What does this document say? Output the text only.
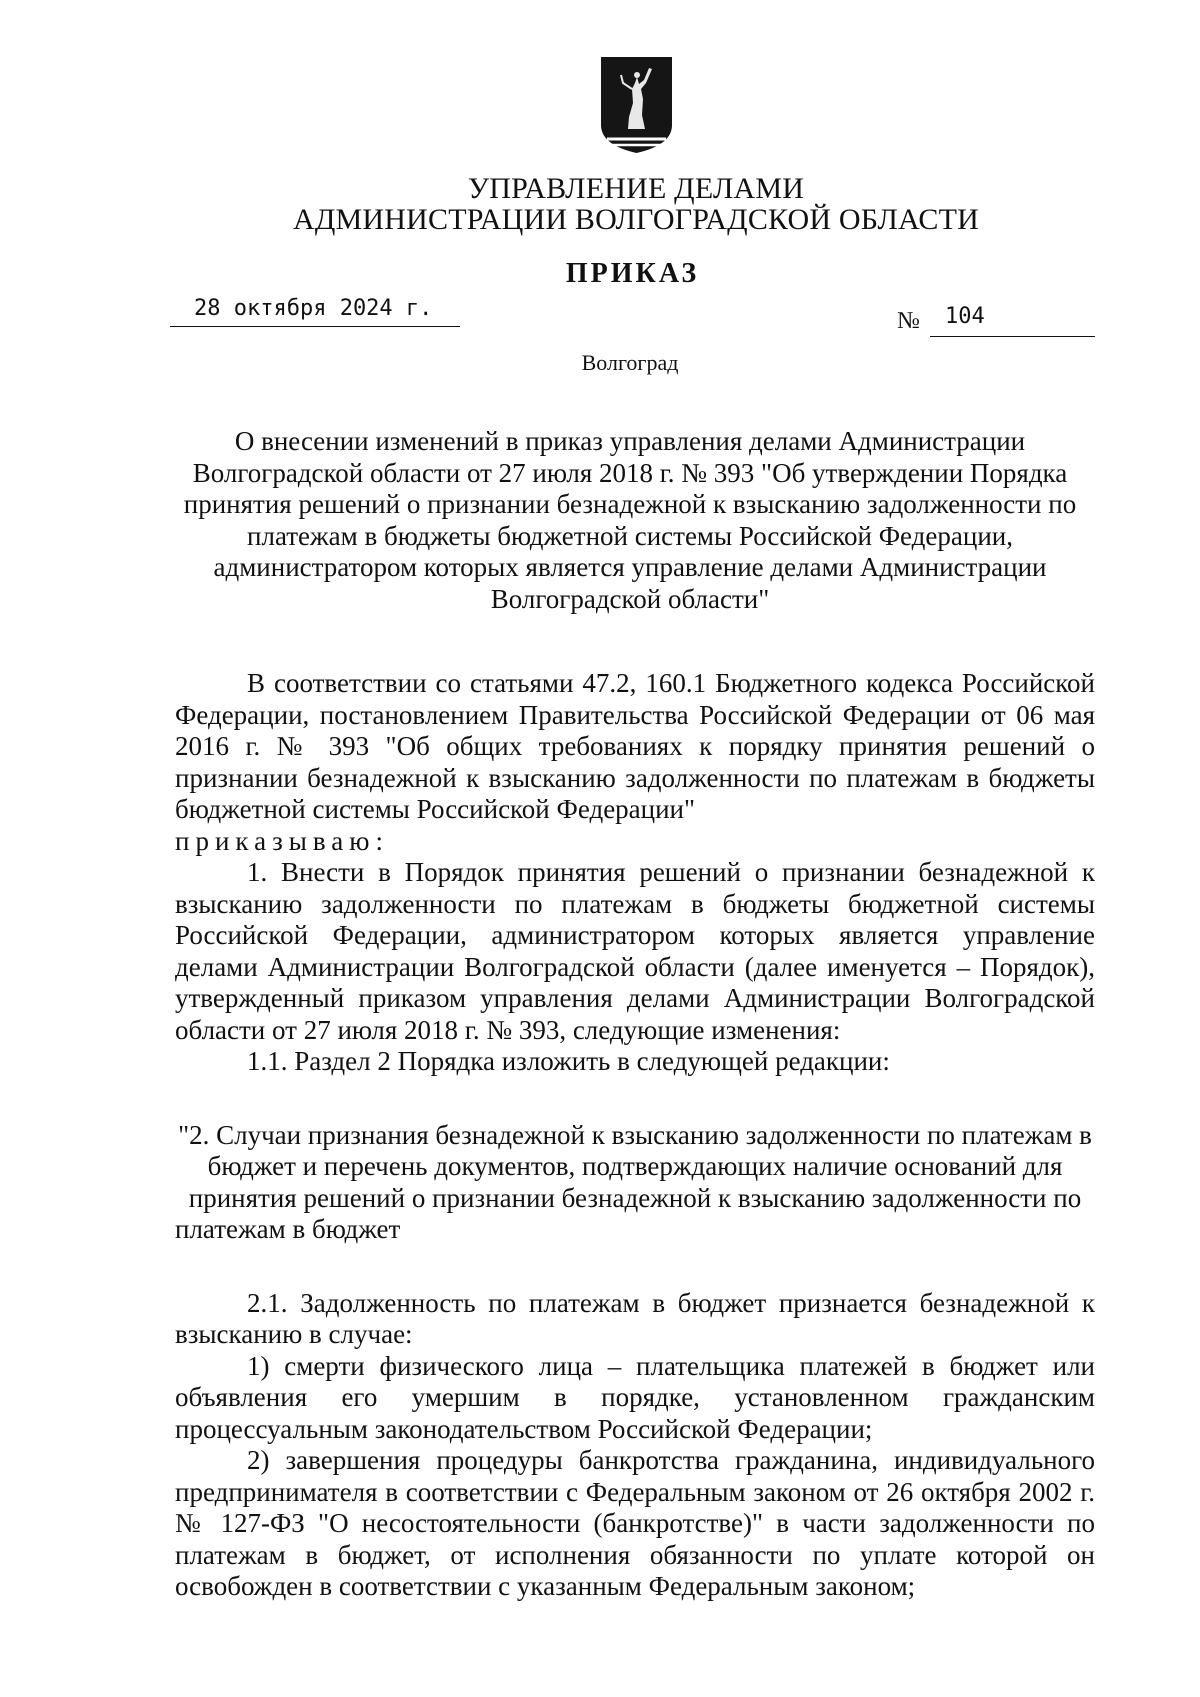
УПРАВЛЕНИЕ ДЕЛАМИ
АДМИНИСТРАЦИИ ВОЛГОГРАДСКОЙ ОБЛАСТИ
ПРИКАЗ
28 октября 2024 г.	№ 104
Волгоград
О внесении изменений в приказ управления делами Администрации Волгоградской области от 27 июля 2018 г. № 393 "Об утверждении Порядка принятия решений о признании безнадежной к взысканию задолженности по платежам в бюджеты бюджетной системы Российской Федерации, администратором которых является управление делами Администрации Волгоградской области"

В соответствии со статьями 47.2, 160.1 Бюджетного кодекса Российской Федерации, постановлением Правительства Российской Федерации от 06 мая 2016 г. № 393 "Об общих требованиях к порядку принятия решений о признании безнадежной к взысканию задолженности по платежам в бюджеты бюджетной системы Российской Федерации"

приказываю:

1. Внести в Порядок принятия решений о признании безнадежной к взысканию задолженности по платежам в бюджеты бюджетной системы Российской Федерации, администратором которых является управление делами Администрации Волгоградской области (далее именуется – Порядок), утвержденный приказом управления делами Администрации Волгоградской области от 27 июля 2018 г. № 393, следующие изменения:

1.1. Раздел 2 Порядка изложить в следующей редакции:

"2. Случаи признания безнадежной к взысканию задолженности по платежам в бюджет и перечень документов, подтверждающих наличие оснований для принятия решений о признании безнадежной к взысканию задолженности по платежам в бюджет

2.1. Задолженность по платежам в бюджет признается безнадежной к взысканию в случае:

1) смерти физического лица – плательщика платежей в бюджет или объявления его умершим в порядке, установленном гражданским процессуальным законодательством Российской Федерации;

2) завершения процедуры банкротства гражданина, индивидуального предпринимателя в соответствии с Федеральным законом от 26 октября 2002 г. № 127-ФЗ "О несостоятельности (банкротстве)" в части задолженности по платежам в бюджет, от исполнения обязанности по уплате которой он освобожден в соответствии с указанным Федеральным законом;
